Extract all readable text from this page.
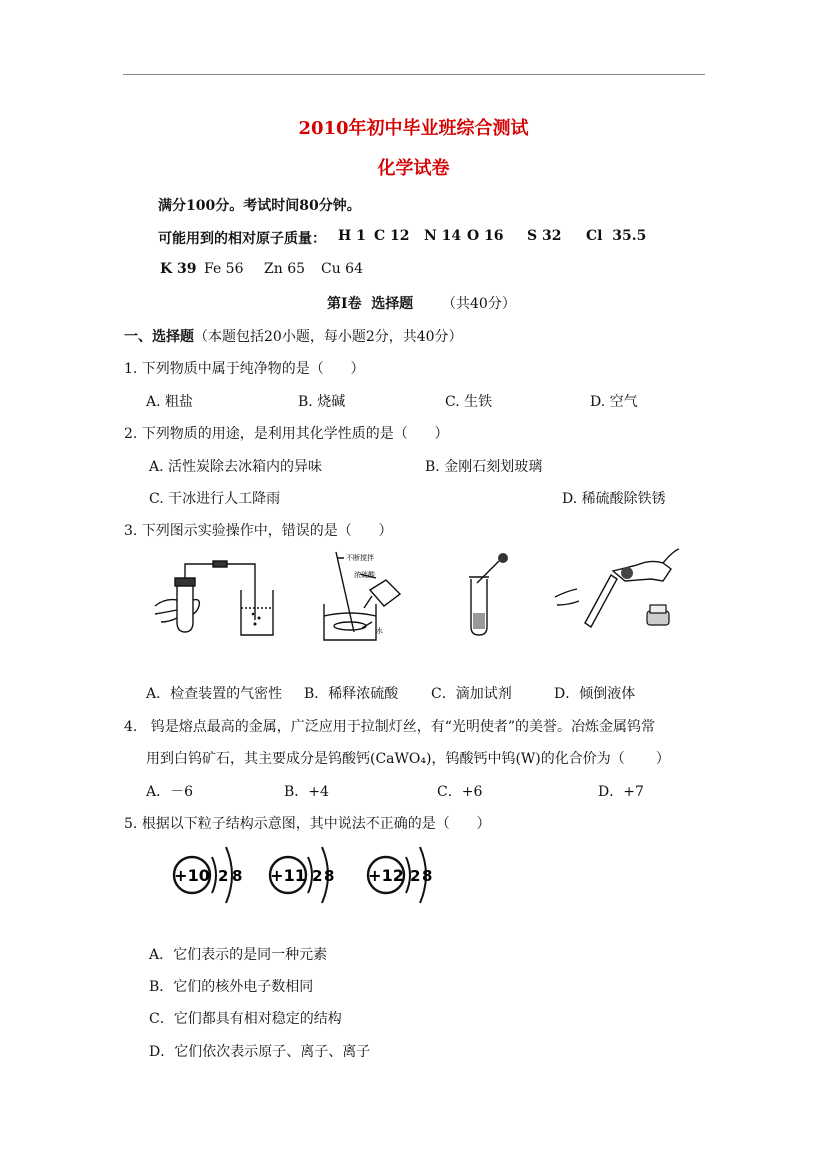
2010年初中毕业班综合测试
化学试卷
满分100分。考试时间80分钟。
可能用到的相对原子质量： H 1 C 12 N 14 O 16 S 32 Cl  35.5
K 39 Fe 56 Zn 65 Cu 64
第Ⅰ卷  选择题 （共40分）
一、选择题（本题包括20小题，每小题2分，共40分）
1. 下列物质中属于纯净物的是（      ）
A. 粗盐	B. 烧碱	C. 生铁	D. 空气
2. 下列物质的用途，是利用其化学性质的是（      ）
A. 活性炭除去冰箱内的异味	B. 金刚石刻划玻璃
C. 干冰进行人工降雨	D. 稀硫酸除铁锈
3. 下列图示实验操作中，错误的是（      ）
不断搅拌
浓硫酸
水
A．检查装置的气密性 B．稀释浓硫酸 C．滴加试剂	D．倾倒液体
4.   钨是熔点最高的金属，广泛应用于拉制灯丝，有“光明使者”的美誉。冶炼金属钨常
用到白钨矿石，其主要成分是钨酸钙(CaWO₄)，钨酸钙中钨(W)的化合价为（       ）
A．－6	B．+4	C．+6	D．+7
5. 根据以下粒子结构示意图，其中说法不正确的是（      ）
+10 2 8 +11 2 8 +12 2 8
A．它们表示的是同一种元素
B．它们的核外电子数相同
C．它们都具有相对稳定的结构
D．它们依次表示原子、离子、离子
